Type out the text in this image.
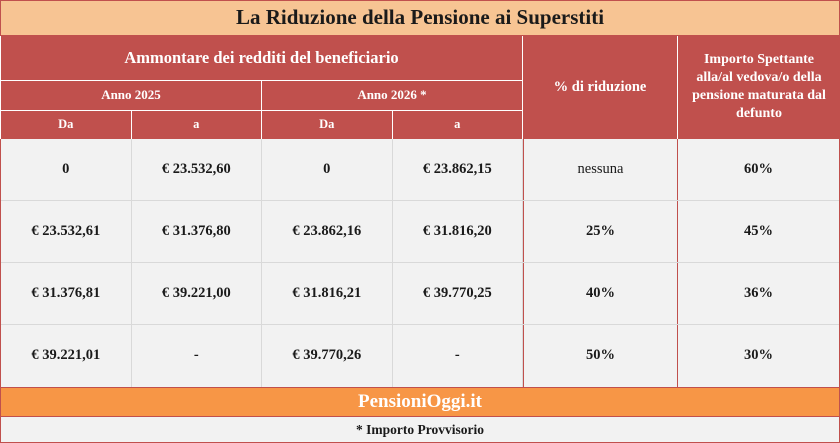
La Riduzione della Pensione ai Superstiti
Ammontare dei redditi del beneficiario
Anno 2025	Anno 2026 *
Da	a	Da	a
% di riduzione
Importo Spettante alla/al vedova/o della pensione maturata dal defunto
0	€ 23.532,60	0	€ 23.862,15	nessuna	60%
€ 23.532,61	€ 31.376,80	€ 23.862,16	€ 31.816,20	25%	45%
€ 31.376,81	€ 39.221,00	€ 31.816,21	€ 39.770,25	40%	36%
€ 39.221,01	-	€ 39.770,26	-	50%	30%
PensioniOggi.it
* Importo Provvisorio
